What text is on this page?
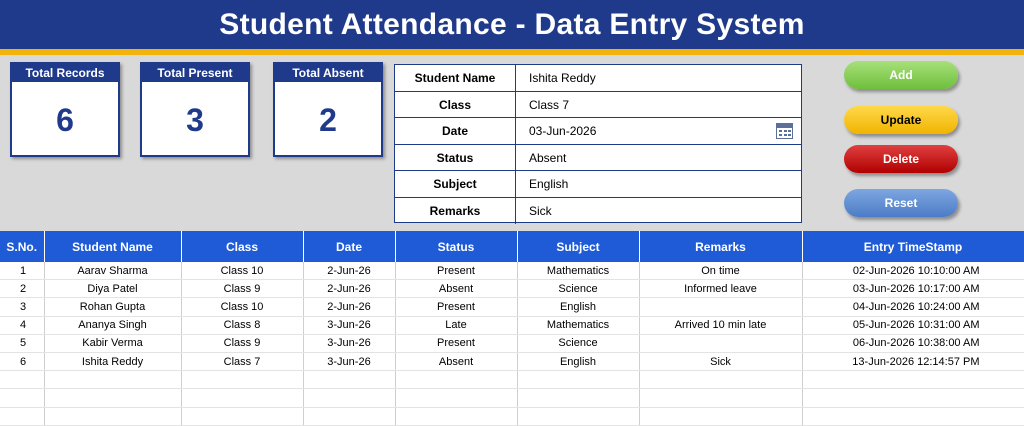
Student Attendance - Data Entry System
Total Records
6
Total Present
3
Total Absent
2
Student Name	Ishita Reddy
Class	Class 7
Date	03-Jun-2026
Status	Absent
Subject	English
Remarks	Sick
Add
Update
Delete
Reset
S.No.	Student Name	Class	Date	Status	Subject	Remarks	Entry TimeStamp
1	Aarav Sharma	Class 10	2-Jun-26	Present	Mathematics	On time	02-Jun-2026 10:10:00 AM
2	Diya Patel	Class 9	2-Jun-26	Absent	Science	Informed leave	03-Jun-2026 10:17:00 AM
3	Rohan Gupta	Class 10	2-Jun-26	Present	English		04-Jun-2026 10:24:00 AM
4	Ananya Singh	Class 8	3-Jun-26	Late	Mathematics	Arrived 10 min late	05-Jun-2026 10:31:00 AM
5	Kabir Verma	Class 9	3-Jun-26	Present	Science		06-Jun-2026 10:38:00 AM
6	Ishita Reddy	Class 7	3-Jun-26	Absent	English	Sick	13-Jun-2026 12:14:57 PM
